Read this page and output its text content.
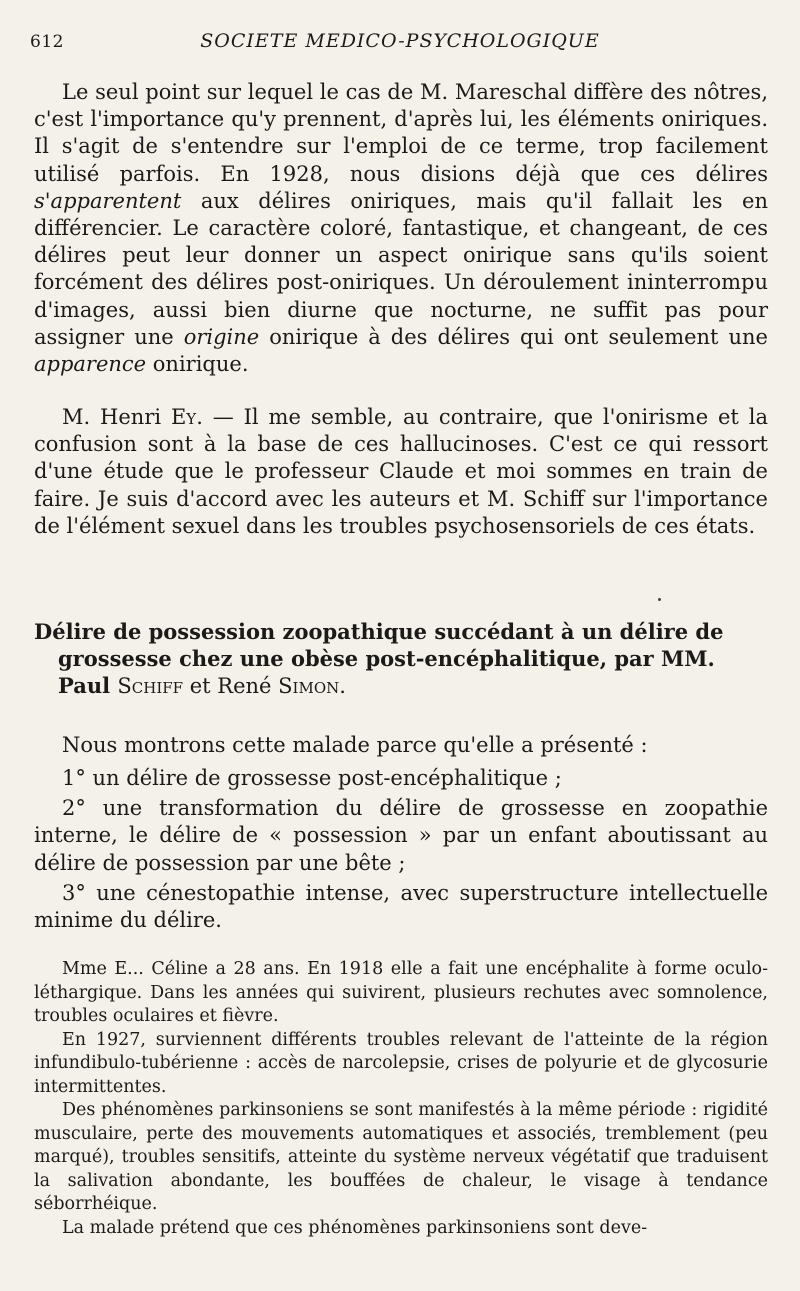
612	SOCIETE MEDICO-PSYCHOLOGIQUE

Le seul point sur lequel le cas de M. Mareschal diffère des nôtres, c'est l'importance qu'y prennent, d'après lui, les éléments oniriques. Il s'agit de s'entendre sur l'emploi de ce terme, trop facilement utilisé parfois. En 1928, nous disions déjà que ces délires s'apparentent aux délires oniriques, mais qu'il fallait les en différencier. Le caractère coloré, fantastique, et changeant, de ces délires peut leur donner un aspect onirique sans qu'ils soient forcément des délires post-oniriques. Un déroulement ininterrompu d'images, aussi bien diurne que nocturne, ne suffit pas pour assigner une origine onirique à des délires qui ont seulement une apparence onirique.

M. Henri Ey. — Il me semble, au contraire, que l'onirisme et la confusion sont à la base de ces hallucinoses. C'est ce qui ressort d'une étude que le professeur Claude et moi sommes en train de faire. Je suis d'accord avec les auteurs et M. Schiff sur l'importance de l'élément sexuel dans les troubles psychosensoriels de ces états.

Délire de possession zoopathique succédant à un délire de grossesse chez une obèse post-encéphalitique, par MM. Paul Schiff et René Simon.

Nous montrons cette malade parce qu'elle a présenté :

1° un délire de grossesse post-encéphalitique ;

2° une transformation du délire de grossesse en zoopathie interne, le délire de « possession » par un enfant aboutissant au délire de possession par une bête ;

3° une cénestopathie intense, avec superstructure intellectuelle minime du délire.

Mme E... Céline a 28 ans. En 1918 elle a fait une encéphalite à forme oculo-léthargique. Dans les années qui suivirent, plusieurs rechutes avec somnolence, troubles oculaires et fièvre.

En 1927, surviennent différents troubles relevant de l'atteinte de la région infundibulo-tubérienne : accès de narcolepsie, crises de polyurie et de glycosurie intermittentes.

Des phénomènes parkinsoniens se sont manifestés à la même période : rigidité musculaire, perte des mouvements automatiques et associés, tremblement (peu marqué), troubles sensitifs, atteinte du système nerveux végétatif que traduisent la salivation abondante, les bouffées de chaleur, le visage à tendance séborrhéique.

La malade prétend que ces phénomènes parkinsoniens sont deve-
